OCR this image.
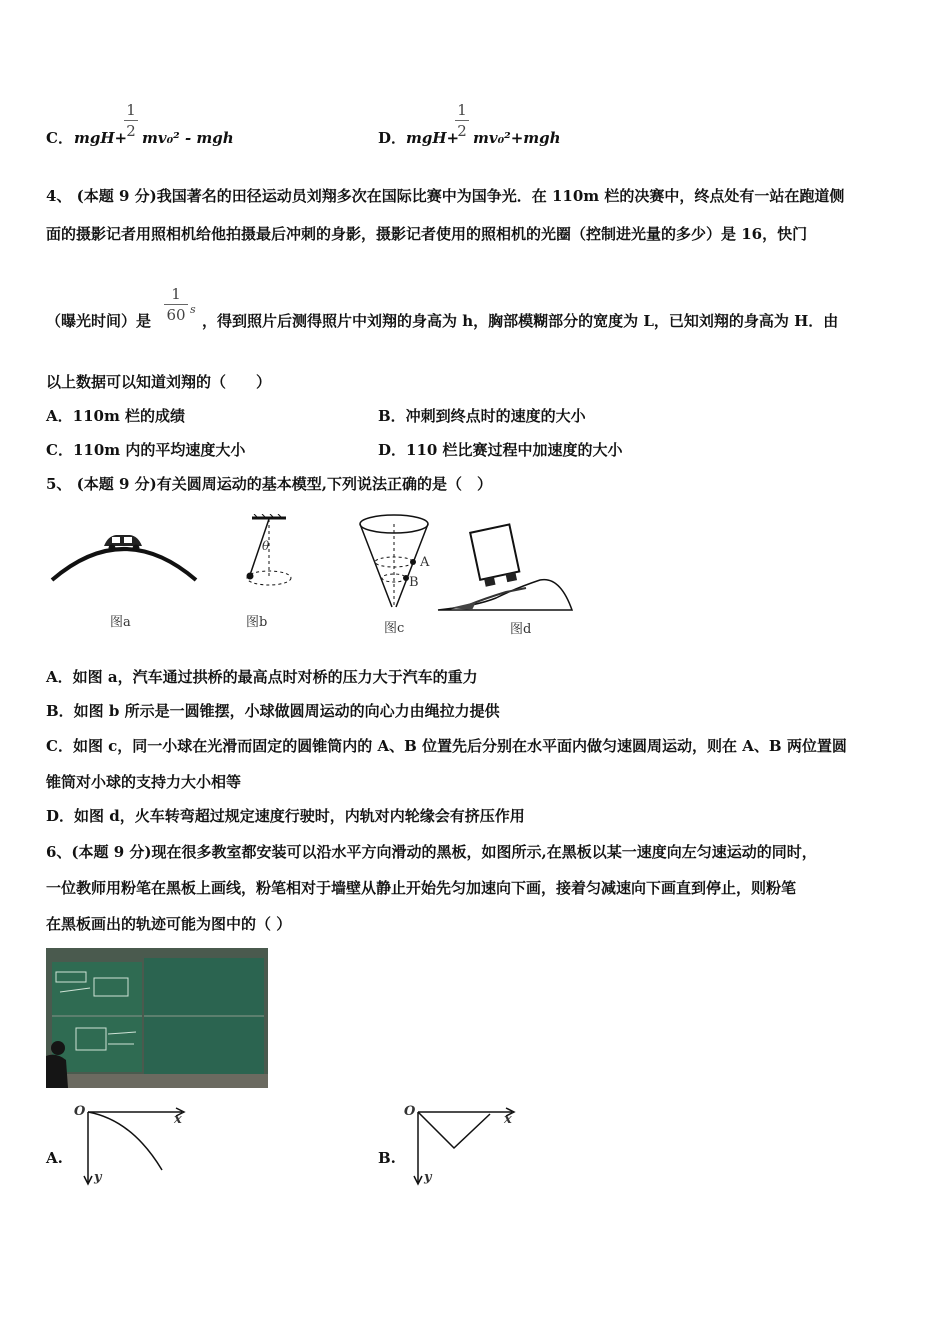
C． mgH+
1
2 mv₀² - mgh	D． mgH+
1
2 mv₀²+mgh
4、 (本题 9 分)我国著名的田径运动员刘翔多次在国际比赛中为国争光．在 110m 栏的决赛中，终点处有一站在跑道侧
面的摄影记者用照相机给他拍摄最后冲刺的身影，摄影记者使用的照相机的光圈（控制进光量的多少）是 16，快门
（曝光时间）是
1
60 s
，得到照片后测得照片中刘翔的身高为 h，胸部模糊部分的宽度为 L，已知刘翔的身高为 H．由
以上数据可以知道刘翔的（　　）
A．110m 栏的成绩	B．冲刺到终点时的速度的大小
C．110m 内的平均速度大小	D．110 栏比赛过程中加速度的大小
5、 (本题 9 分)有关圆周运动的基本模型,下列说法正确的是（　）
图a
θ
图b
A
B
图c	图d
A．如图 a，汽车通过拱桥的最高点时对桥的压力大于汽车的重力
B．如图 b 所示是一圆锥摆，小球做圆周运动的向心力由绳拉力提供
C．如图 c，同一小球在光滑而固定的圆锥筒内的 A、B 位置先后分别在水平面内做匀速圆周运动，则在 A、B 两位置圆
锥筒对小球的支持力大小相等
D．如图 d，火车转弯超过规定速度行驶时，内轨对内轮缘会有挤压作用
6、(本题 9 分)现在很多教室都安装可以沿水平方向滑动的黑板，如图所示,在黑板以某一速度向左匀速运动的同时，
一位教师用粉笔在黑板上画线，粉笔相对于墙壁从静止开始先匀加速向下画，接着匀减速向下画直到停止，则粉笔
在黑板画出的轨迹可能为图中的（ ）
A.
O
x
y
B.
O
x
y
